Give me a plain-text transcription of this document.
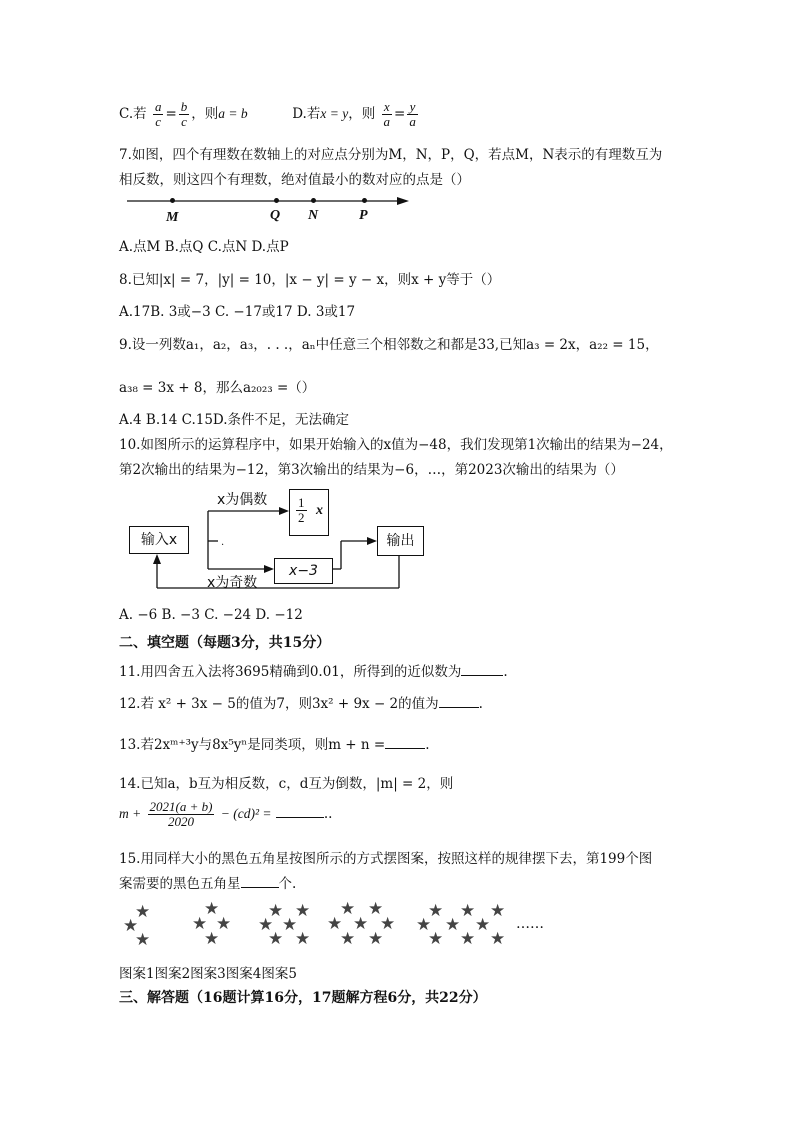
C.若 $\frac{a}{c} = \frac{b}{c}$ ，则a = b	D.若x = y，则 $\frac{x}{a} = \frac{y}{a}$
7.如图，四个有理数在数轴上的对应点分别为M，N，P，Q，若点M，N表示的有理数互为
相反数，则这四个有理数，绝对值最小的数对应的点是（）
M	Q N	P
A.点M B.点Q C.点N D.点P
8.已知|x| = 7，|y| = 10，|x − y| = y − x，则x + y等于（）
A.17B. 3或−3 C. −17或17 D. 3或17
9.设一列数a₁，a₂，a₃，. . .，aₙ中任意三个相邻数之和都是33,已知a₃ = 2x，a₂₂ = 15，
a₃₈ = 3x + 8，那么a₂₀₂₃ =（）
A.4 B.14 C.15D.条件不足，无法确定
10.如图所示的运算程序中，如果开始输入的x值为−48，我们发现第1次输出的结果为−24，
第2次输出的结果为−12，第3次输出的结果为−6，…，第2023次输出的结果为（）
.
输入x
x为偶数 $\frac{1}{2}$ x
x−3
输出
x为奇数
A. −6 B. −3 C. −24 D. −12
二、填空题（每题3分，共15分）
11.用四舍五入法将3695精确到0.01，所得到的近似数为	.
12.若 x² + 3x − 5的值为7，则3x² + 9x − 2的值为	.
13.若2xᵐ⁺³y与8x⁵yⁿ是同类项，则m + n =	.
14.已知a，b互为相反数，c，d互为倒数，|m| = 2，则
$m + \frac{2021(a + b)}{2020} - (cd)^2$ =	..
15.用同样大小的黑色五角星按图所示的方式摆图案，按照这样的规律摆下去，第199个图
案需要的黑色五角星	个.
★
★
★
★
★ ★
★
★ ★
★ ★
★ ★
★ ★
★ ★ ★
★ ★
★ ★ ★
★ ★ ★
★ ★ ★
……
图案1图案2图案3图案4图案5
三、解答题（16题计算16分，17题解方程6分，共22分）
